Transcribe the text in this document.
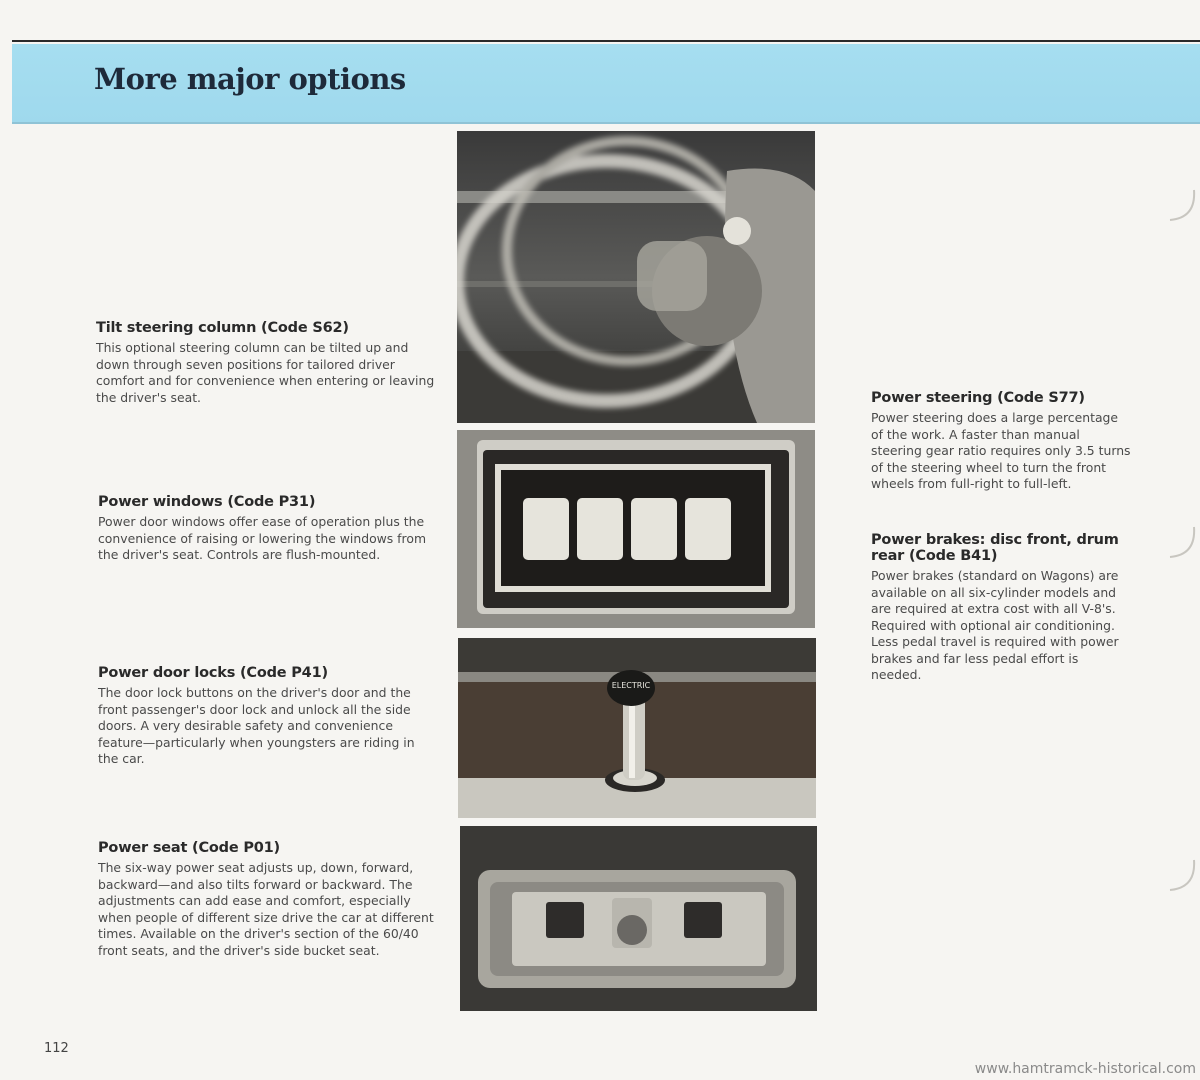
More major options
Tilt steering column (Code S62)

This optional steering column can be tilted up and down through seven positions for tailored driver comfort and for convenience when entering or leaving the driver's seat.

Power windows (Code P31)

Power door windows offer ease of operation plus the convenience of raising or lowering the windows from the driver's seat. Controls are flush-mounted.

Power door locks (Code P41)

The door lock buttons on the driver's door and the front passenger's door lock and unlock all the side doors. A very desirable safety and convenience feature—particularly when youngsters are riding in the car.

Power seat (Code P01)

The six-way power seat adjusts up, down, forward, backward—and also tilts forward or backward. The adjustments can add ease and comfort, especially when people of different size drive the car at different times. Available on the driver's section of the 60/40 front seats, and the driver's side bucket seat.

Power steering (Code S77)

Power steering does a large percentage of the work. A faster than manual steering gear ratio requires only 3.5 turns of the steering wheel to turn the front wheels from full-right to full-left.

Power brakes: disc front, drum rear (Code B41)

Power brakes (standard on Wagons) are available on all six-cylinder models and are required at extra cost with all V-8's. Required with optional air conditioning. Less pedal travel is required with power brakes and far less pedal effort is needed.

ELECTRIC
112
www.hamtramck-historical.com
